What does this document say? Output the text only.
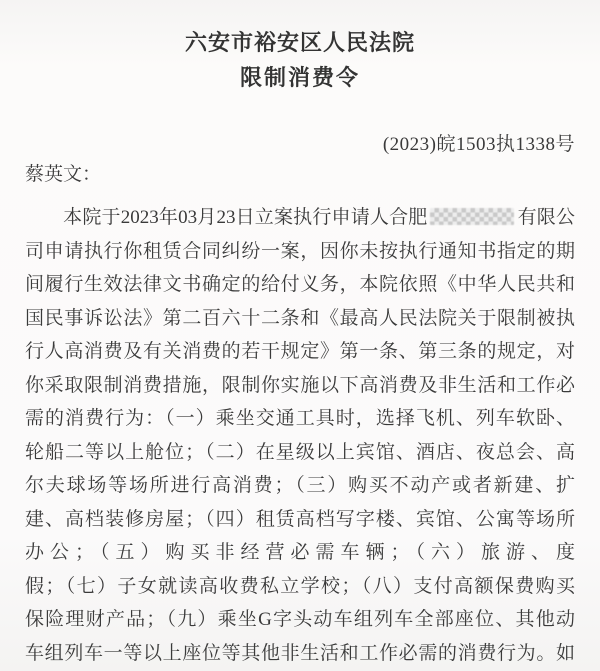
六安市裕安区人民法院
限制消费令
(2023)皖1503执1338号
蔡英文：
本院于2023年03月23日立案执行申请人合肥	有限公
司申请执行你租赁合同纠纷一案，因你未按执行通知书指定的期
间履行生效法律文书确定的给付义务，本院依照《中华人民共和
国民事诉讼法》第二百六十二条和《最高人民法院关于限制被执
行人高消费及有关消费的若干规定》第一条、第三条的规定，对
你采取限制消费措施，限制你实施以下高消费及非生活和工作必
需的消费行为：（一）乘坐交通工具时，选择飞机、列车软卧、
轮船二等以上舱位；（二）在星级以上宾馆、酒店、夜总会、高
尔夫球场等场所进行高消费；（三）购买不动产或者新建、扩
建、高档装修房屋；（四）租赁高档写字楼、宾馆、公寓等场所
办公；（五）购买非经营必需车辆；（六）旅游、度
假；（七）子女就读高收费私立学校；（八）支付高额保费购买
保险理财产品；（九）乘坐G字头动车组列车全部座位、其他动
车组列车一等以上座位等其他非生活和工作必需的消费行为。如
